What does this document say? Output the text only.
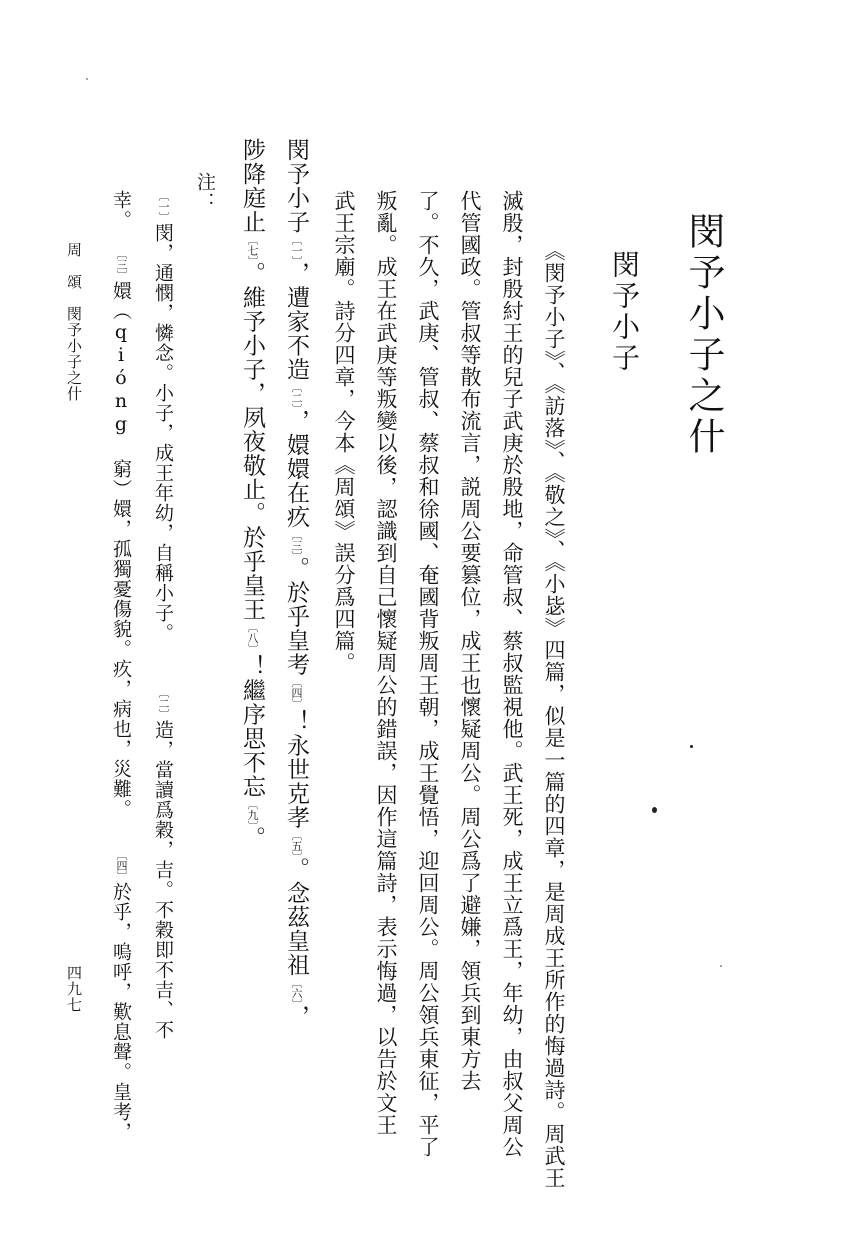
閔予小子之什
閔予小子
《閔予小子》、《訪落》、《敬之》、《小毖》四篇，似是一篇的四章，是周成王所作的悔過詩。周武王
滅殷，封殷紂王的兒子武庚於殷地，命管叔、蔡叔監視他。武王死，成王立爲王，年幼，由叔父周公
代管國政。管叔等散布流言，説周公要篡位，成王也懷疑周公。周公爲了避嫌，領兵到東方去
了。不久，武庚、管叔、蔡叔和徐國、奄國背叛周王朝，成王覺悟，迎回周公。周公領兵東征，平了
叛亂。成王在武庚等叛變以後，認識到自己懷疑周公的錯誤，因作這篇詩，表示悔過，以告於文王
武王宗廟。詩分四章，今本《周頌》誤分爲四篇。
閔予小子〔一〕，遭家不造〔二〕，嬛嬛在疚〔三〕。於乎皇考〔四〕！永世克孝〔五〕。念茲皇祖〔六〕，
陟降庭止〔七〕。維予小子，夙夜敬止。於乎皇王〔八〕！繼序思不忘〔九〕。
注：
〔一〕閔，通憫，憐念。小子，成王年幼，自稱小子。〔二〕造，當讀爲穀，吉。不穀即不吉、不
幸。〔三〕嬛（qióng 窮）嬛，孤獨憂傷貌。疚，病也，災難。〔四〕於乎，嗚呼，歎息聲。皇考，
周　頌　閔予小子之什
四九七
